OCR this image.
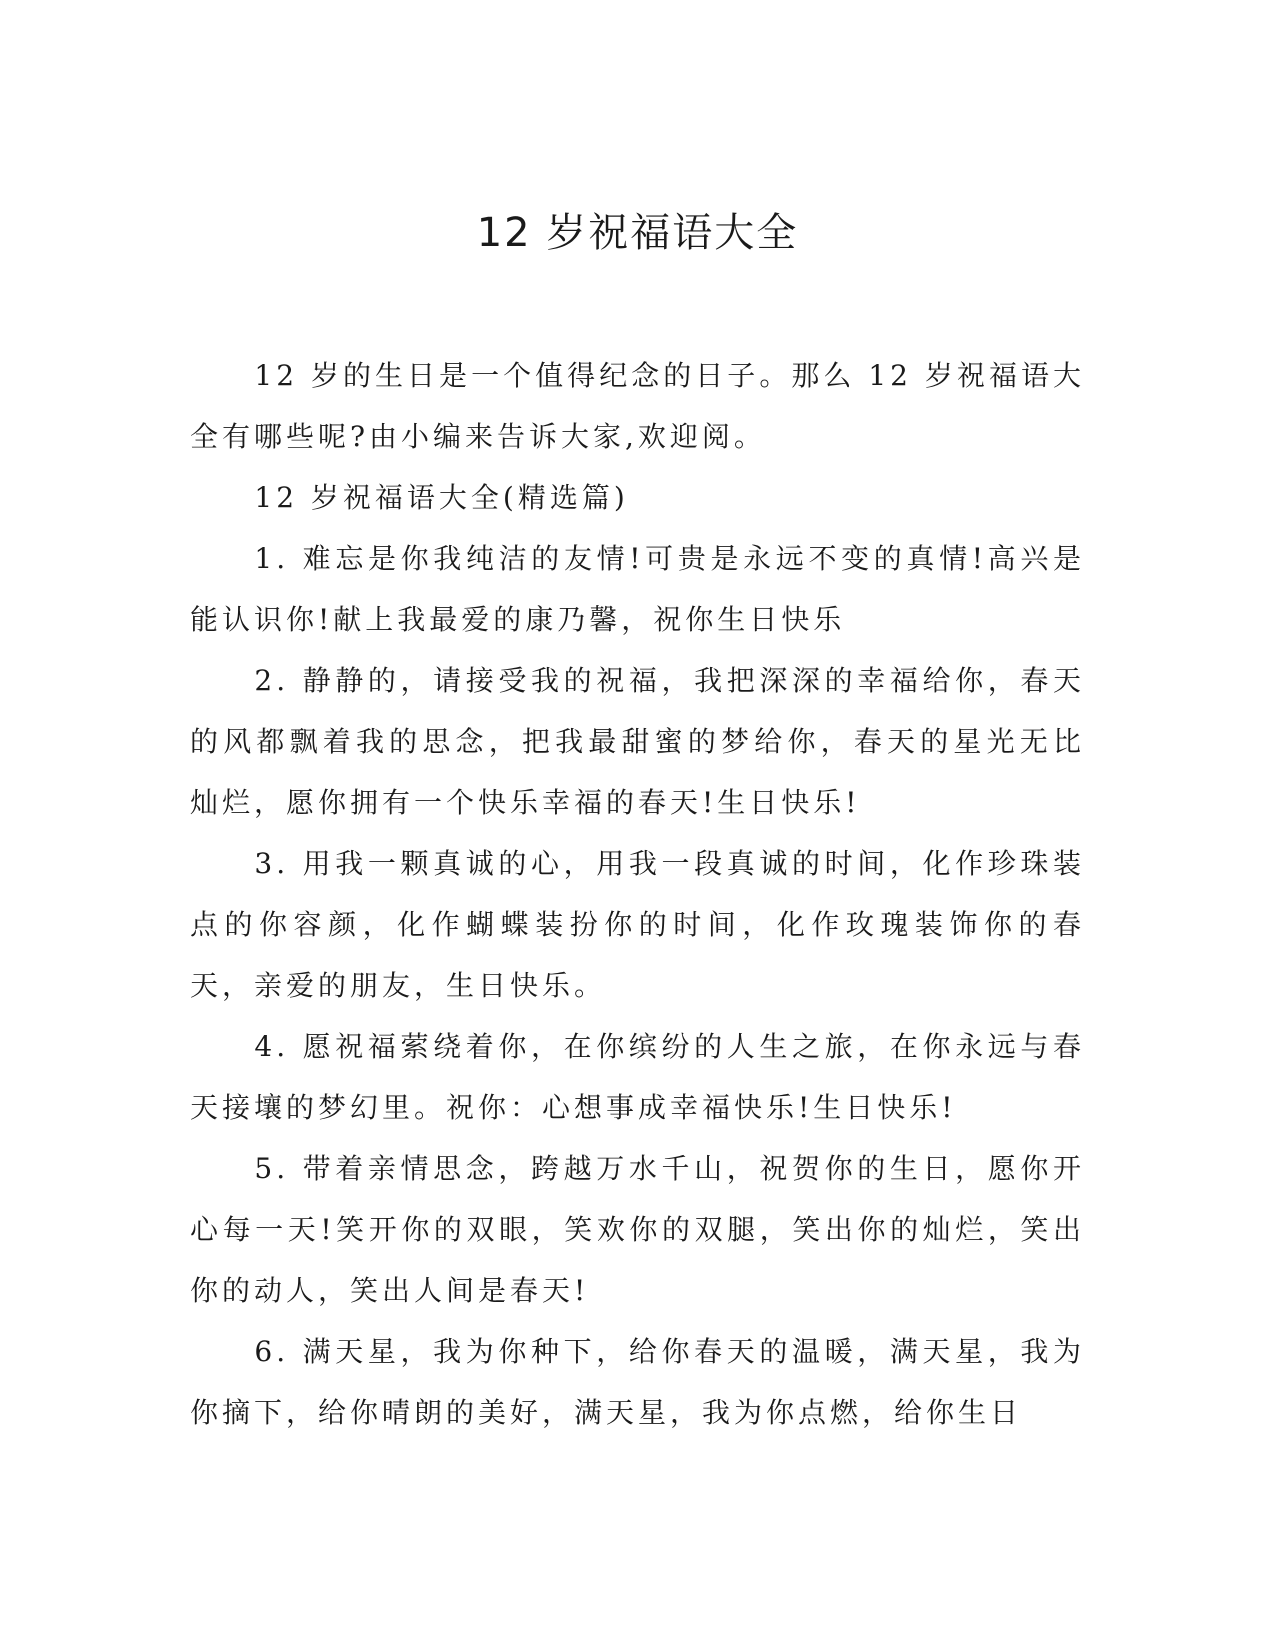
12 岁祝福语大全

12 岁的生日是一个值得纪念的日子。那么 12 岁祝福语大全有哪些呢?由小编来告诉大家,欢迎阅。

12 岁祝福语大全(精选篇)

1. 难忘是你我纯洁的友情!可贵是永远不变的真情!高兴是能认识你!献上我最爱的康乃馨，祝你生日快乐

2. 静静的，请接受我的祝福，我把深深的幸福给你，春天的风都飘着我的思念，把我最甜蜜的梦给你，春天的星光无比灿烂，愿你拥有一个快乐幸福的春天!生日快乐!

3. 用我一颗真诚的心，用我一段真诚的时间，化作珍珠装点的你容颜，化作蝴蝶装扮你的时间，化作玫瑰装饰你的春天，亲爱的朋友，生日快乐。

4. 愿祝福萦绕着你，在你缤纷的人生之旅，在你永远与春天接壤的梦幻里。祝你：心想事成幸福快乐!生日快乐!

5. 带着亲情思念，跨越万水千山，祝贺你的生日，愿你开心每一天!笑开你的双眼，笑欢你的双腿，笑出你的灿烂，笑出你的动人，笑出人间是春天!

6. 满天星，我为你种下，给你春天的温暖，满天星，我为你摘下，给你晴朗的美好，满天星，我为你点燃，给你生日
